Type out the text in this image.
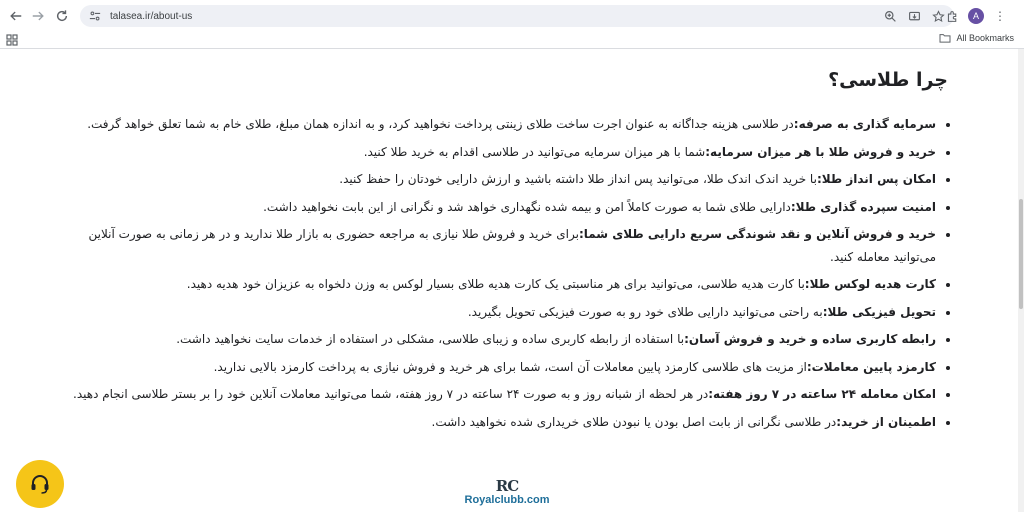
talasea.ir/about-us	A	⋮
All Bookmarks
چرا طلاسی؟
• سرمایه گذاری به صرفه:در طلاسی هزینه جداگانه به عنوان اجرت ساخت طلای زینتی پرداخت نخواهید کرد، و به اندازه همان مبلغ، طلای خام به شما تعلق خواهد گرفت.
• خرید و فروش طلا با هر میزان سرمایه:شما با هر میزان سرمایه می‌توانید در طلاسی اقدام به خرید طلا کنید.
• امکان پس انداز طلا:با خرید اندک اندک طلا، می‌توانید پس انداز طلا داشته باشید و ارزش دارایی خودتان را حفظ کنید.
• امنیت سپرده گذاری طلا:دارایی طلای شما به صورت کاملاً امن و بیمه شده نگهداری خواهد شد و نگرانی از این بابت نخواهید داشت.
• خرید و فروش آنلاین و نقد شوندگی سریع دارایی طلای شما:برای خرید و فروش طلا نیازی به مراجعه حضوری به بازار طلا ندارید و در هر زمانی به صورت آنلاین می‌توانید معامله کنید.
• کارت هدیه لوکس طلا:با کارت هدیه طلاسی، می‌توانید برای هر مناسبتی یک کارت هدیه طلای بسیار لوکس به وزن دلخواه به عزیزان خود هدیه دهید.
• تحویل فیزیکی طلا:به راحتی می‌توانید دارایی طلای خود رو به صورت فیزیکی تحویل بگیرید.
• رابطه کاربری ساده و خرید و فروش آسان:با استفاده از رابطه کاربری ساده و زیبای طلاسی، مشکلی در استفاده از خدمات سایت نخواهید داشت.
• کارمزد پایین معاملات:از مزیت های طلاسی کارمزد پایین معاملات آن است، شما برای هر خرید و فروش نیازی به پرداخت کارمزد بالایی ندارید.
• امکان معامله ۲۴ ساعته در ۷ روز هفته:در هر لحظه از شبانه روز و به صورت ۲۴ ساعته در ۷ روز هفته، شما می‌توانید معاملات آنلاین خود را بر بستر طلاسی انجام دهید.
• اطمینان از خرید:در طلاسی نگرانی از بابت اصل بودن یا نبودن طلای خریداری شده نخواهید داشت.
RC
Royalclubb.com
